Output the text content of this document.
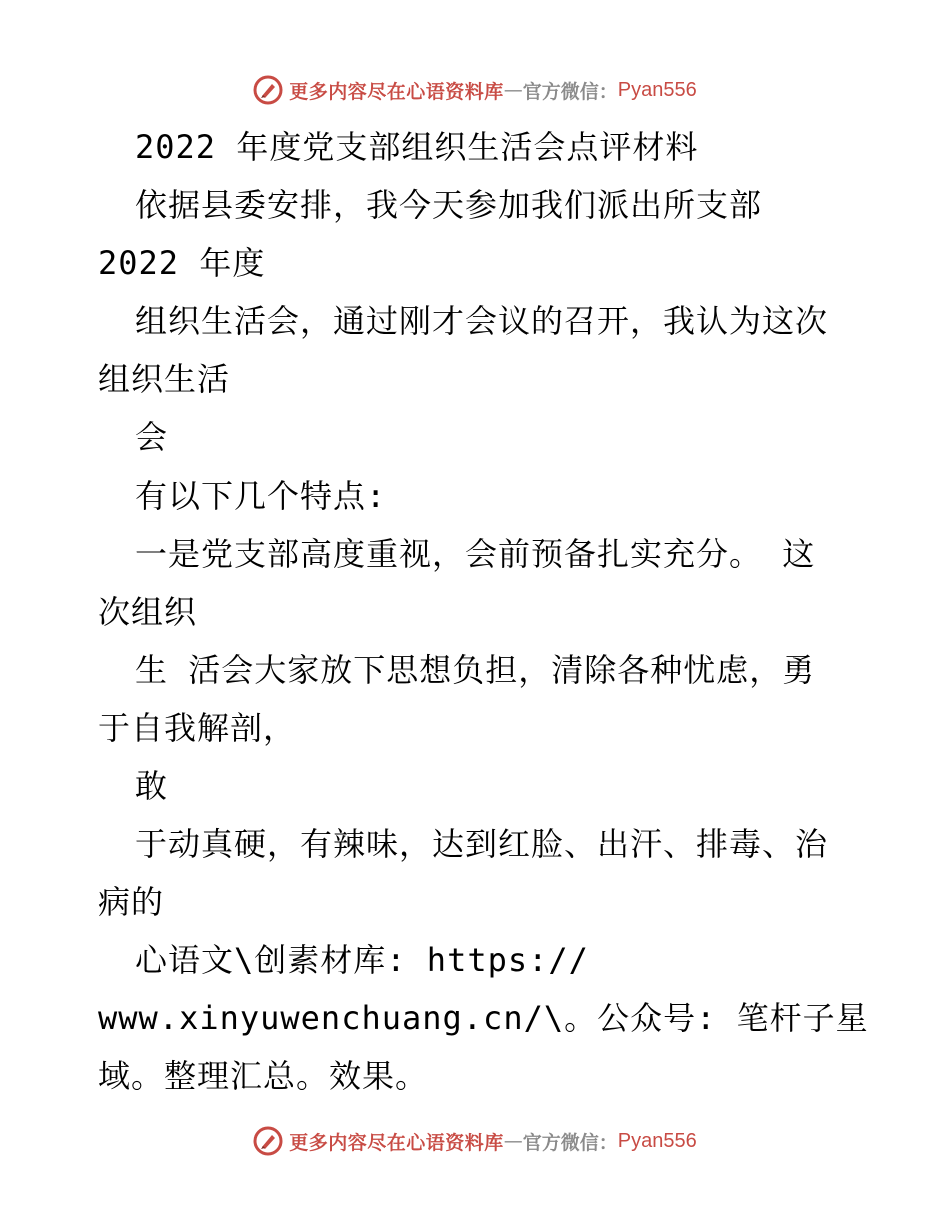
更多内容尽在心语资料库 — 官方微信： Pyan556
2022 年度党支部组织生活会点评材料
依据县委安排，我今天参加我们派出所支部
2022 年度
组织生活会，通过刚才会议的召开，我认为这次
组织生活
会
有以下几个特点:
一是党支部高度重视，会前预备扎实充分。 这
次组织
生 活会大家放下思想负担，清除各种忧虑，勇
于自我解剖，
敢
于动真硬，有辣味，达到红脸、出汗、排毒、治
病的
心语文\创素材库: https://
www.xinyuwenchuang.cn/\。公众号: 笔杆子星
域。整理汇总。效果。
更多内容尽在心语资料库 — 官方微信： Pyan556
